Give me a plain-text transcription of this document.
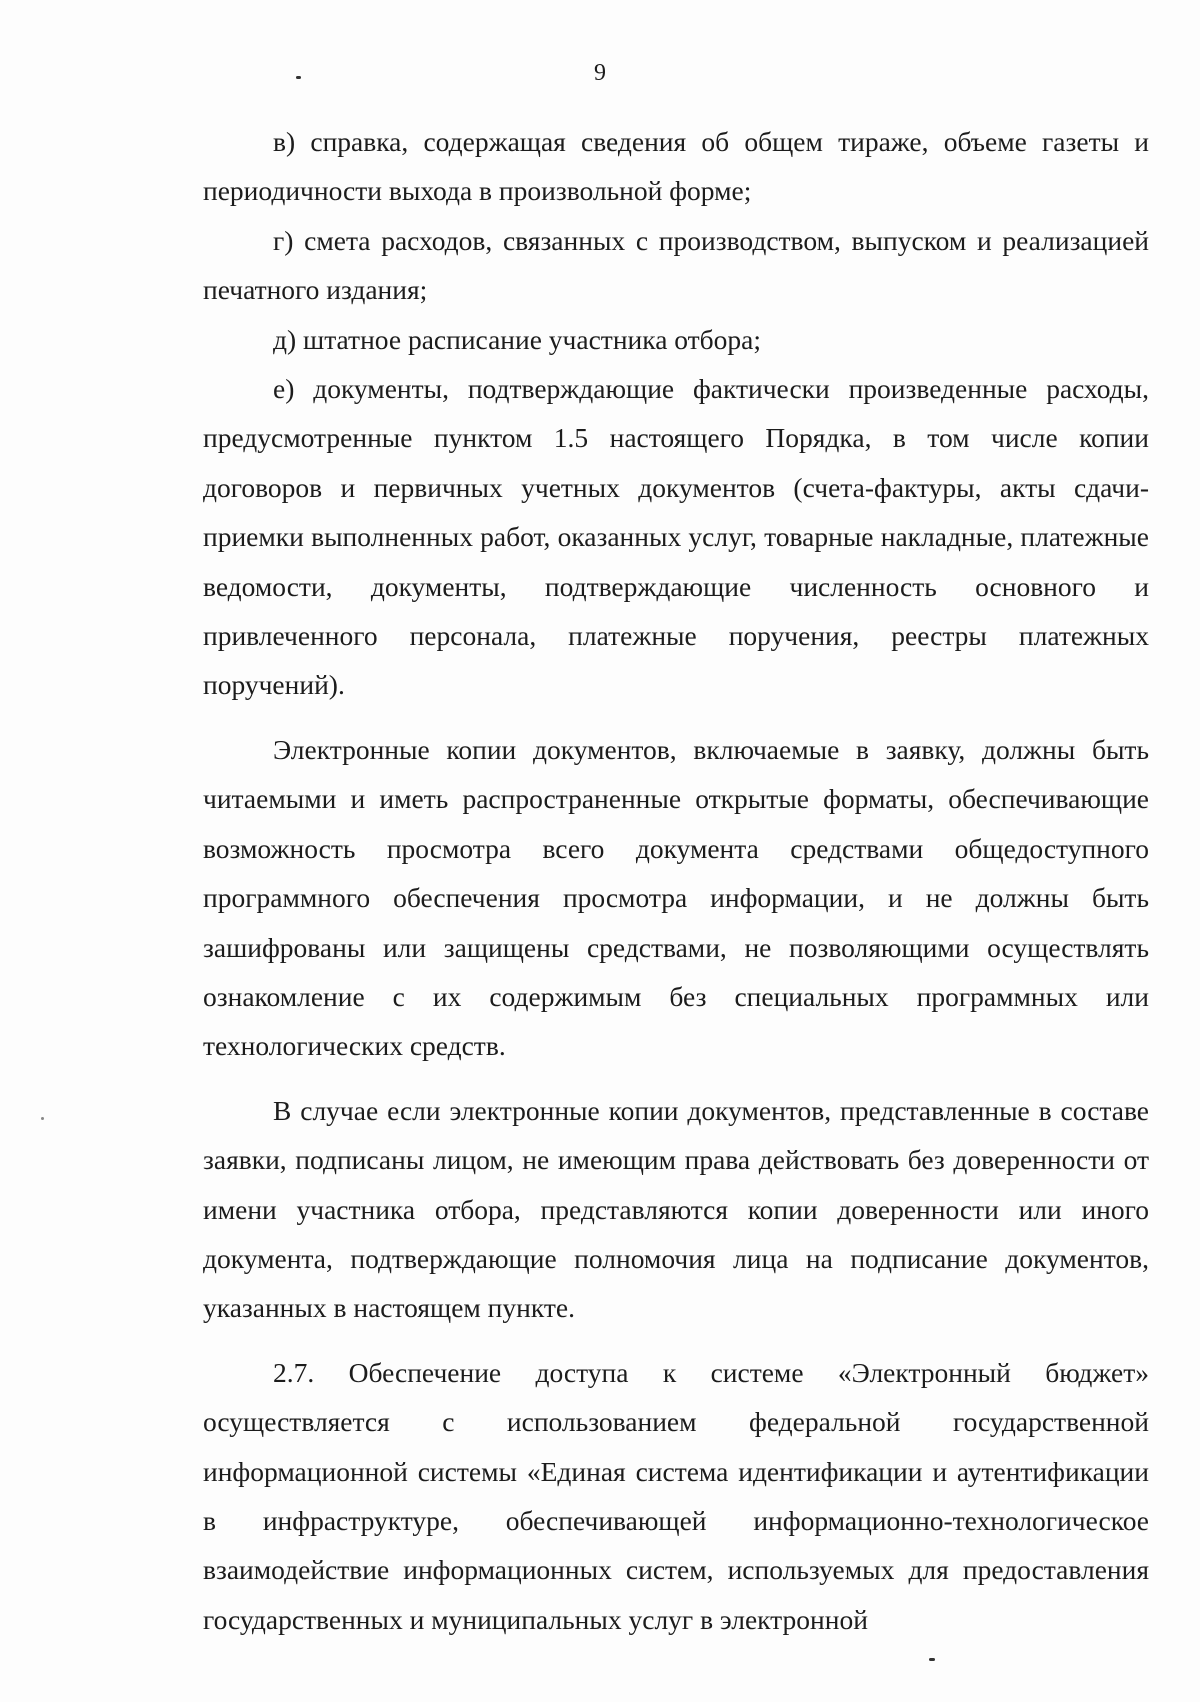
9

в) справка, содержащая сведения об общем тираже, объеме газеты и периодичности выхода в произвольной форме;

г) смета расходов, связанных с производством, выпуском и реализацией печатного издания;

д) штатное расписание участника отбора;

е) документы, подтверждающие фактически произведенные расходы, предусмотренные пунктом 1.5 настоящего Порядка, в том числе копии договоров и первичных учетных документов (счета-фактуры, акты сдачи-приемки выполненных работ, оказанных услуг, товарные накладные, платежные ведомости, документы, подтверждающие численность основного и привлеченного персонала, платежные поручения, реестры платежных поручений).

Электронные копии документов, включаемые в заявку, должны быть читаемыми и иметь распространенные открытые форматы, обеспечивающие возможность просмотра всего документа средствами общедоступного программного обеспечения просмотра информации, и не должны быть зашифрованы или защищены средствами, не позволяющими осуществлять ознакомление с их содержимым без специальных программных или технологических средств.

В случае если электронные копии документов, представленные в составе заявки, подписаны лицом, не имеющим права действовать без доверенности от имени участника отбора, представляются копии доверенности или иного документа, подтверждающие полномочия лица на подписание документов, указанных в настоящем пункте.

2.7. Обеспечение доступа к системе «Электронный бюджет» осуществляется с использованием федеральной государственной информационной системы «Единая система идентификации и аутентификации в инфраструктуре, обеспечивающей информационно-технологическое взаимодействие информационных систем, используемых для предоставления государственных и муниципальных услуг в электронной
